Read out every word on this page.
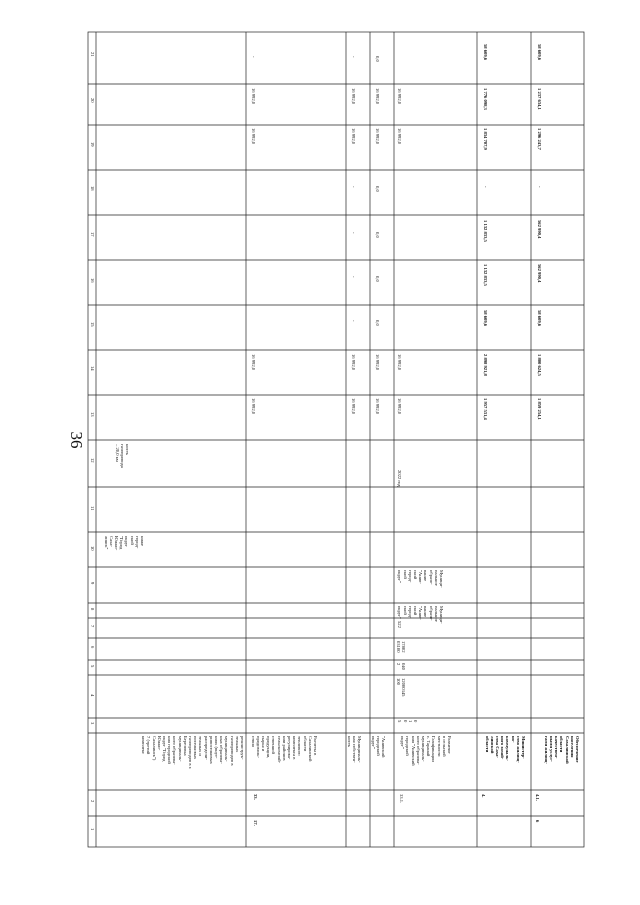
36
21
20
19
18
17
16
15
14
13
12
11
10
9
8
7
6
5
4
3
2
1
реконструк-
тельных
газопроводов в
муниципаль-
ных образова-
ниях (внут-
рипоселковых
распредели-
тельных и
поселковых
газопроводов в г.
Березовка
муниципаль-
ного образова-
ния городской
округ "Город
Южно-
Сахалинск")
7 (третий
комплекс
ниже
город-
ской
округ
"Город
Южно-
Саха-
линск"
ность
газопровода
– 20,0 км
17.
33.
Расчеты в
Сахалинской
области
теплового
комплекса в
регулирова-
нии районов
сельскохозяй-
ственной
продукции,
сырья и
продоволь-
ствия
16 992,0
16 992,0
16 992,0
16 992,0
-
Муниципаль-
ная собствен-
ность
16 992,0
16 992,0
-
-
-
-
16 992,0
16 992,0
-
"Анивский
городской
округ"
16 992,0
16 992,0
0,0
0,0
0,0
0,0
16 992,0
16 992,0
0,0
33.1.
Развитие
в сельской
местности
Газификации
с. Таранай
муниципаль-
ного образова-
ния "Анивский
городской
округ"
0
1
0
5
12000345
100
040
2
17802
03100
522
Муници-
пальное
образо-
вание
"Анив-
ский
город-
ской
округ"
Муници-
пальное
образо-
вание
"Анив-
ский
город-
ской
округ"
2022 год
16 992,0
16 992,0
16 992,0
16 992,0
4.
Министер-
ство жилищ-
но-
коммуналь-
ного хозяй-
ства Саха-
линской
области
1 957 531,4
2 898 921,8
58 609,6
1 132 833,5
1 132 833,5
-
1 834 707,9
1 776 098,3
58 609,6
6
4.1.
Обеспечение
населения
Сахалинской
области
качествен-
ными услуг-
гами жилищ-
1 859 254,1
1 800 624,5
58 609,6
562 990,4
562 990,4
-
1 296 243,7
1 237 634,1
58 609,6
